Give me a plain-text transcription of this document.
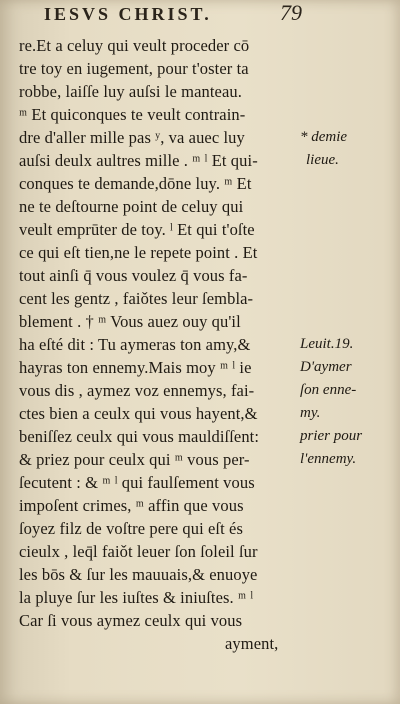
IESVS CHRIST.	79
re.Et a celuy qui veult proceder cō
tre toy en iugement, pour t'oster ta
robbe, laiſſe luy auſsi le manteau.
ᵐ Et quiconques te veult contrain-
dre d'aller mille pas ʸ, va auec luy
auſsi deulx aultres mille . ᵐ ˡ Et qui-
conques te demande,dōne luy. ᵐ Et
ne te deſtourne point de celuy qui
veult emprūter de toy. ˡ Et qui t'oſte
ce qui eſt tien,ne le repete point . Et
tout ainſi q̄ vous voulez q̄ vous fa-
cent les gentz , faiǒtes leur ſembla-
blement . † ᵐ Vous auez ouy qu'il
ha eſté dit : Tu aymeras ton amy,&
hayras ton ennemy.Mais moy ᵐ ˡ ie
vous dis , aymez voz ennemys, fai-
ctes bien a ceulx qui vous hayent,&
beniſſez ceulx qui vous mauldiſſent:
& priez pour ceulx qui ᵐ vous per-
ſecutent : & ᵐ ˡ qui faulſement vous
impoſent crimes, ᵐ affin que vous
ſoyez filz de voſtre pere qui eſt és
cieulx , leq̄l faiǒt leuer ſon ſoleil ſur
les bōs & ſur les mauuais,& enuoye
la pluye ſur les iuſtes & iniuſtes. ᵐ ˡ
Car ſi vous aymez ceulx qui vous
ayment,
* demie
lieue.
Leuit.19.
D'aymer
ſon enne-
my.
prier pour
l'ennemy.
